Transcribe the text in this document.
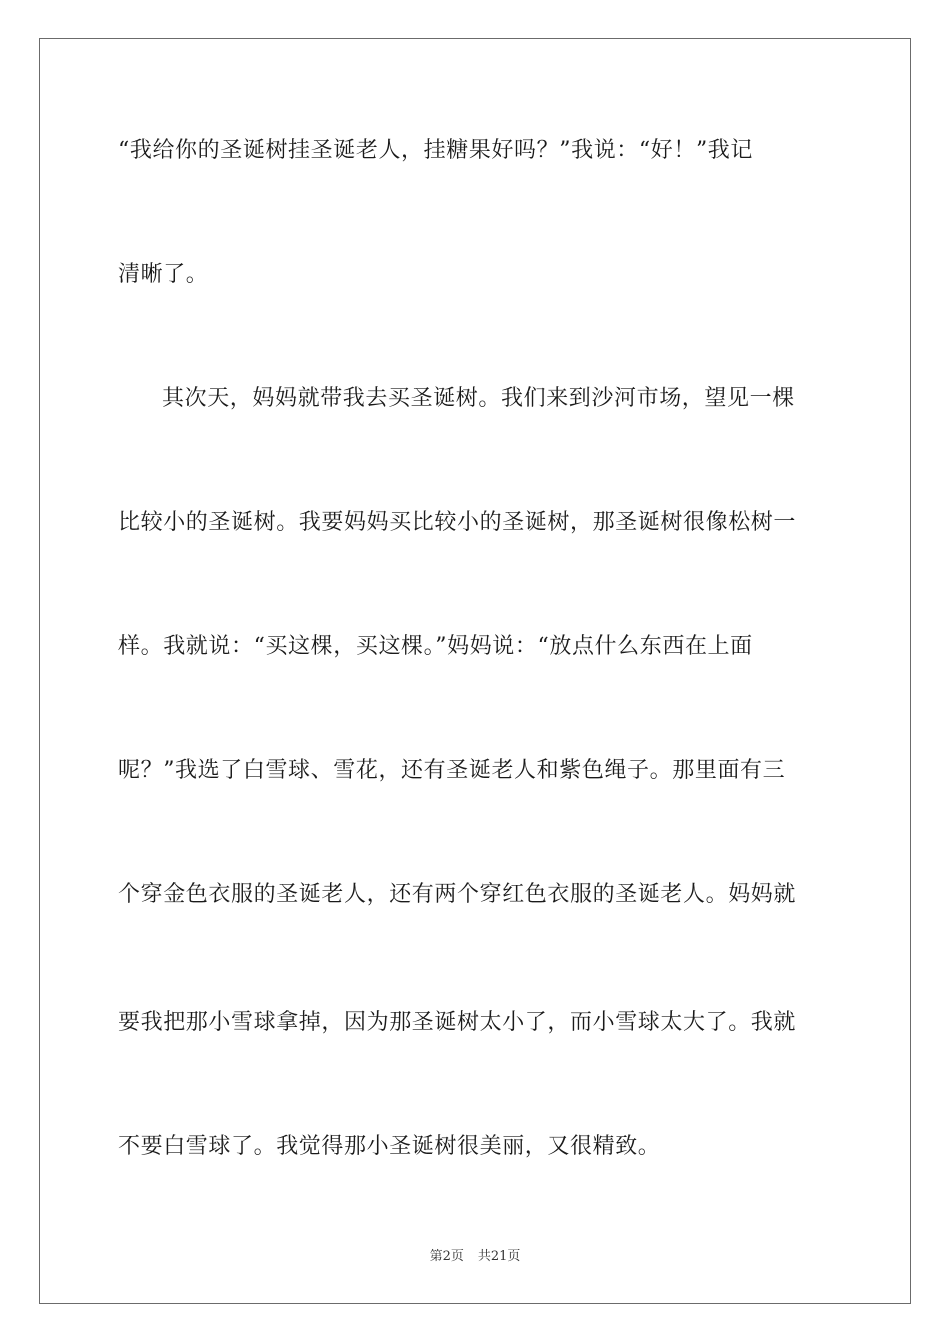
“我给你的圣诞树挂圣诞老人，挂糖果好吗？”我说：“好！”我记
清晰了。
其次天，妈妈就带我去买圣诞树。我们来到沙河市场，望见一棵
比较小的圣诞树。我要妈妈买比较小的圣诞树，那圣诞树很像松树一
样。我就说：“买这棵，买这棵。”妈妈说：“放点什么东西在上面
呢？”我选了白雪球、雪花，还有圣诞老人和紫色绳子。那里面有三
个穿金色衣服的圣诞老人，还有两个穿红色衣服的圣诞老人。妈妈就
要我把那小雪球拿掉，因为那圣诞树太小了，而小雪球太大了。我就
不要白雪球了。我觉得那小圣诞树很美丽，又很精致。
第2页 共21页
